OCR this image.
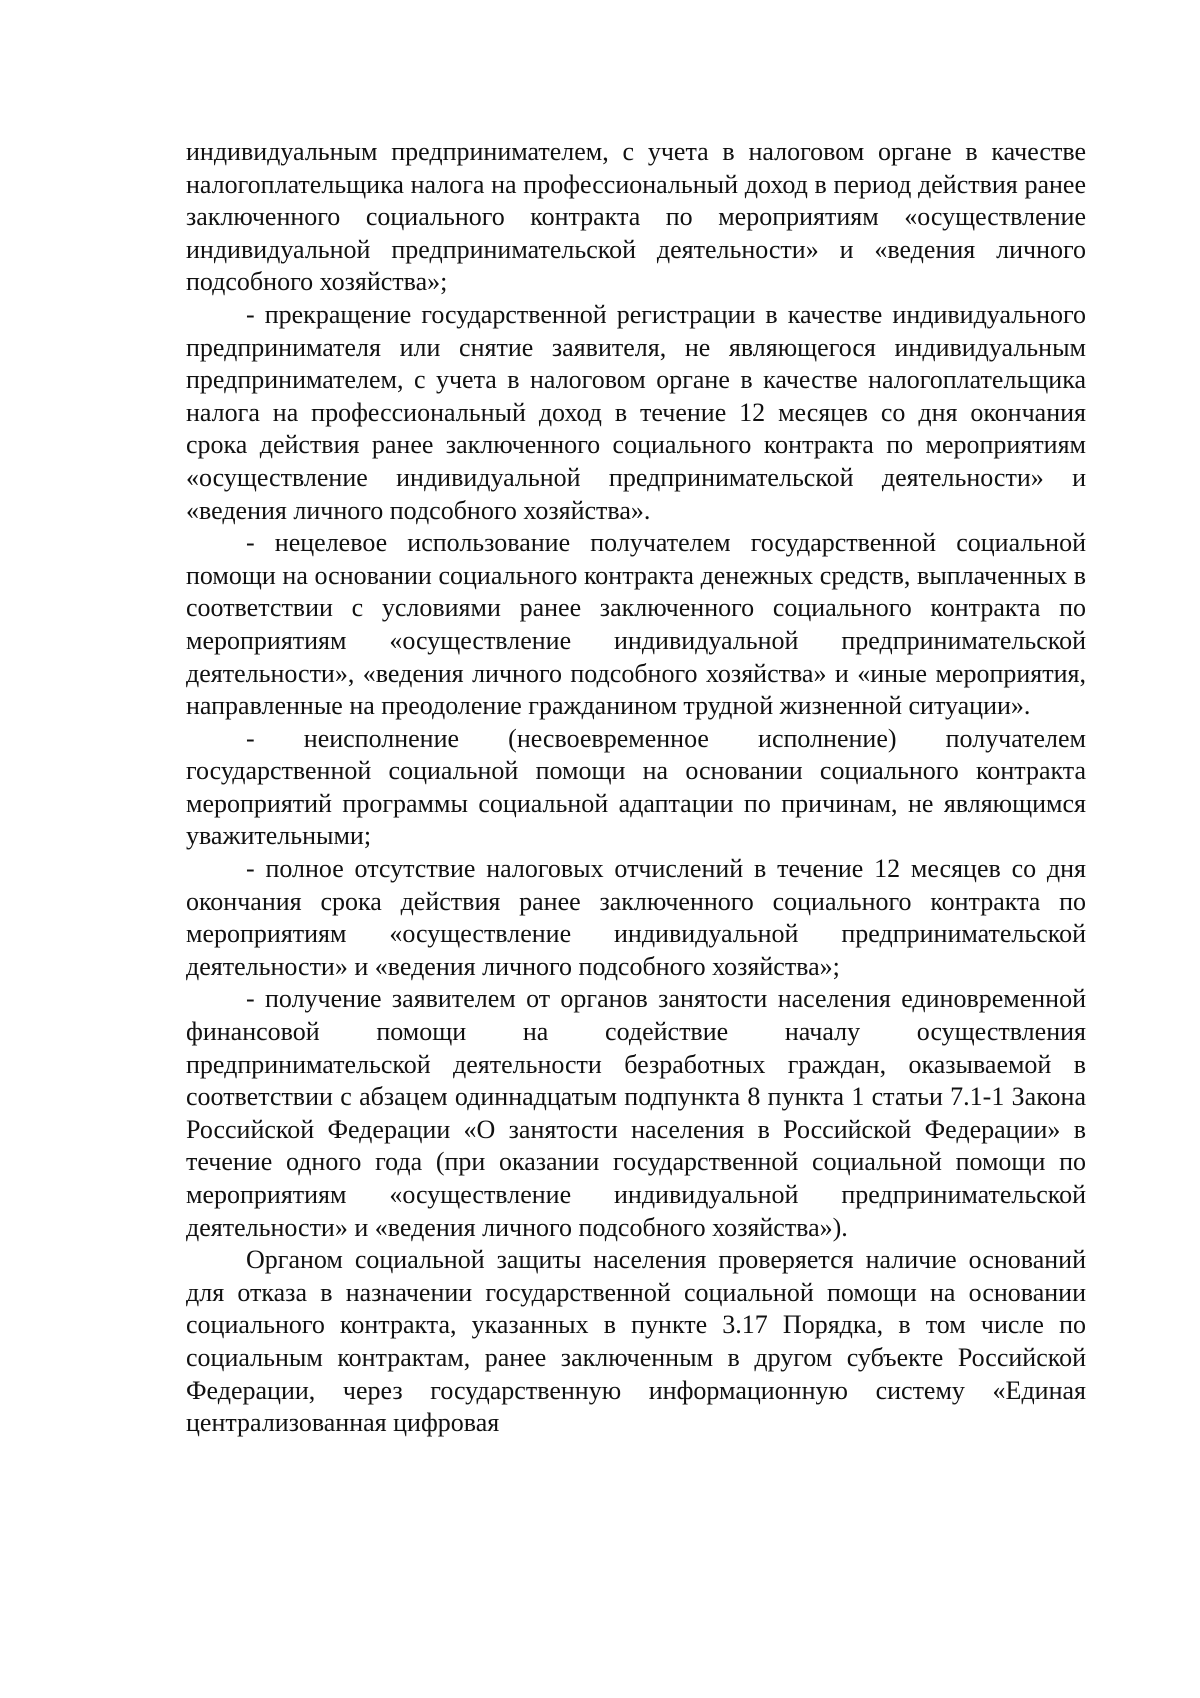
индивидуальным предпринимателем, с учета в налоговом органе в качестве налогоплательщика налога на профессиональный доход в период действия ранее заключенного социального контракта по мероприятиям «осуществление индивидуальной предпринимательской деятельности» и «ведения личного подсобного хозяйства»;

- прекращение государственной регистрации в качестве индивидуального предпринимателя или снятие заявителя, не являющегося индивидуальным предпринимателем, с учета в налоговом органе в качестве налогоплательщика налога на профессиональный доход в течение 12 месяцев со дня окончания срока действия ранее заключенного социального контракта по мероприятиям «осуществление индивидуальной предпринимательской деятельности» и «ведения личного подсобного хозяйства».

- нецелевое использование получателем государственной социальной помощи на основании социального контракта денежных средств, выплаченных в соответствии с условиями ранее заключенного социального контракта по мероприятиям «осуществление индивидуальной предпринимательской деятельности», «ведения личного подсобного хозяйства» и «иные мероприятия, направленные на преодоление гражданином трудной жизненной ситуации».

- неисполнение (несвоевременное исполнение) получателем государственной социальной помощи на основании социального контракта мероприятий программы социальной адаптации по причинам, не являющимся уважительными;

- полное отсутствие налоговых отчислений в течение 12 месяцев со дня окончания срока действия ранее заключенного социального контракта по мероприятиям «осуществление индивидуальной предпринимательской деятельности» и «ведения личного подсобного хозяйства»;

- получение заявителем от органов занятости населения единовременной финансовой помощи на содействие началу осуществления предпринимательской деятельности безработных граждан, оказываемой в соответствии с абзацем одиннадцатым подпункта 8 пункта 1 статьи 7.1-1 Закона Российской Федерации «О занятости населения в Российской Федерации» в течение одного года (при оказании государственной социальной помощи по мероприятиям «осуществление индивидуальной предпринимательской деятельности» и «ведения личного подсобного хозяйства»).

Органом социальной защиты населения проверяется наличие оснований для отказа в назначении государственной социальной помощи на основании социального контракта, указанных в пункте 3.17 Порядка, в том числе по социальным контрактам, ранее заключенным в другом субъекте Российской Федерации, через государственную информационную систему «Единая централизованная цифровая
